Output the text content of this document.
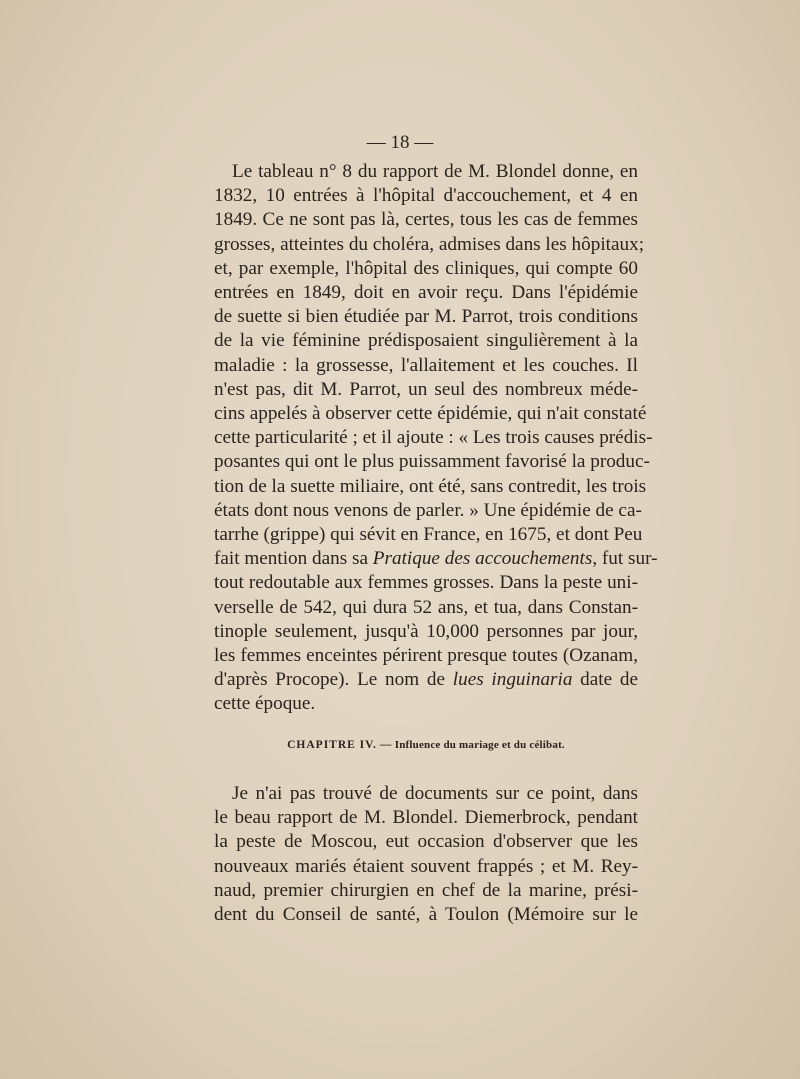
— 18 —
Le tableau n° 8 du rapport de M. Blondel donne, en
1832, 10 entrées à l'hôpital d'accouchement, et 4 en
1849. Ce ne sont pas là, certes, tous les cas de femmes
grosses, atteintes du choléra, admises dans les hôpitaux;
et, par exemple, l'hôpital des cliniques, qui compte 60
entrées en 1849, doit en avoir reçu. Dans l'épidémie
de suette si bien étudiée par M. Parrot, trois conditions
de la vie féminine prédisposaient singulièrement à la
maladie : la grossesse, l'allaitement et les couches. Il
n'est pas, dit M. Parrot, un seul des nombreux méde-
cins appelés à observer cette épidémie, qui n'ait constaté
cette particularité ; et il ajoute : « Les trois causes prédis-
posantes qui ont le plus puissamment favorisé la produc-
tion de la suette miliaire, ont été, sans contredit, les trois
états dont nous venons de parler. » Une épidémie de ca-
tarrhe (grippe) qui sévit en France, en 1675, et dont Peu
fait mention dans sa Pratique des accouchements, fut sur-
tout redoutable aux femmes grosses. Dans la peste uni-
verselle de 542, qui dura 52 ans, et tua, dans Constan-
tinople seulement, jusqu'à 10,000 personnes par jour,
les femmes enceintes périrent presque toutes (Ozanam,
d'après Procope). Le nom de lues inguinaria date de
cette époque.
CHAPITRE IV. — Influence du mariage et du célibat.
Je n'ai pas trouvé de documents sur ce point, dans
le beau rapport de M. Blondel. Diemerbrock, pendant
la peste de Moscou, eut occasion d'observer que les
nouveaux mariés étaient souvent frappés ; et M. Rey-
naud, premier chirurgien en chef de la marine, prési-
dent du Conseil de santé, à Toulon (Mémoire sur le
